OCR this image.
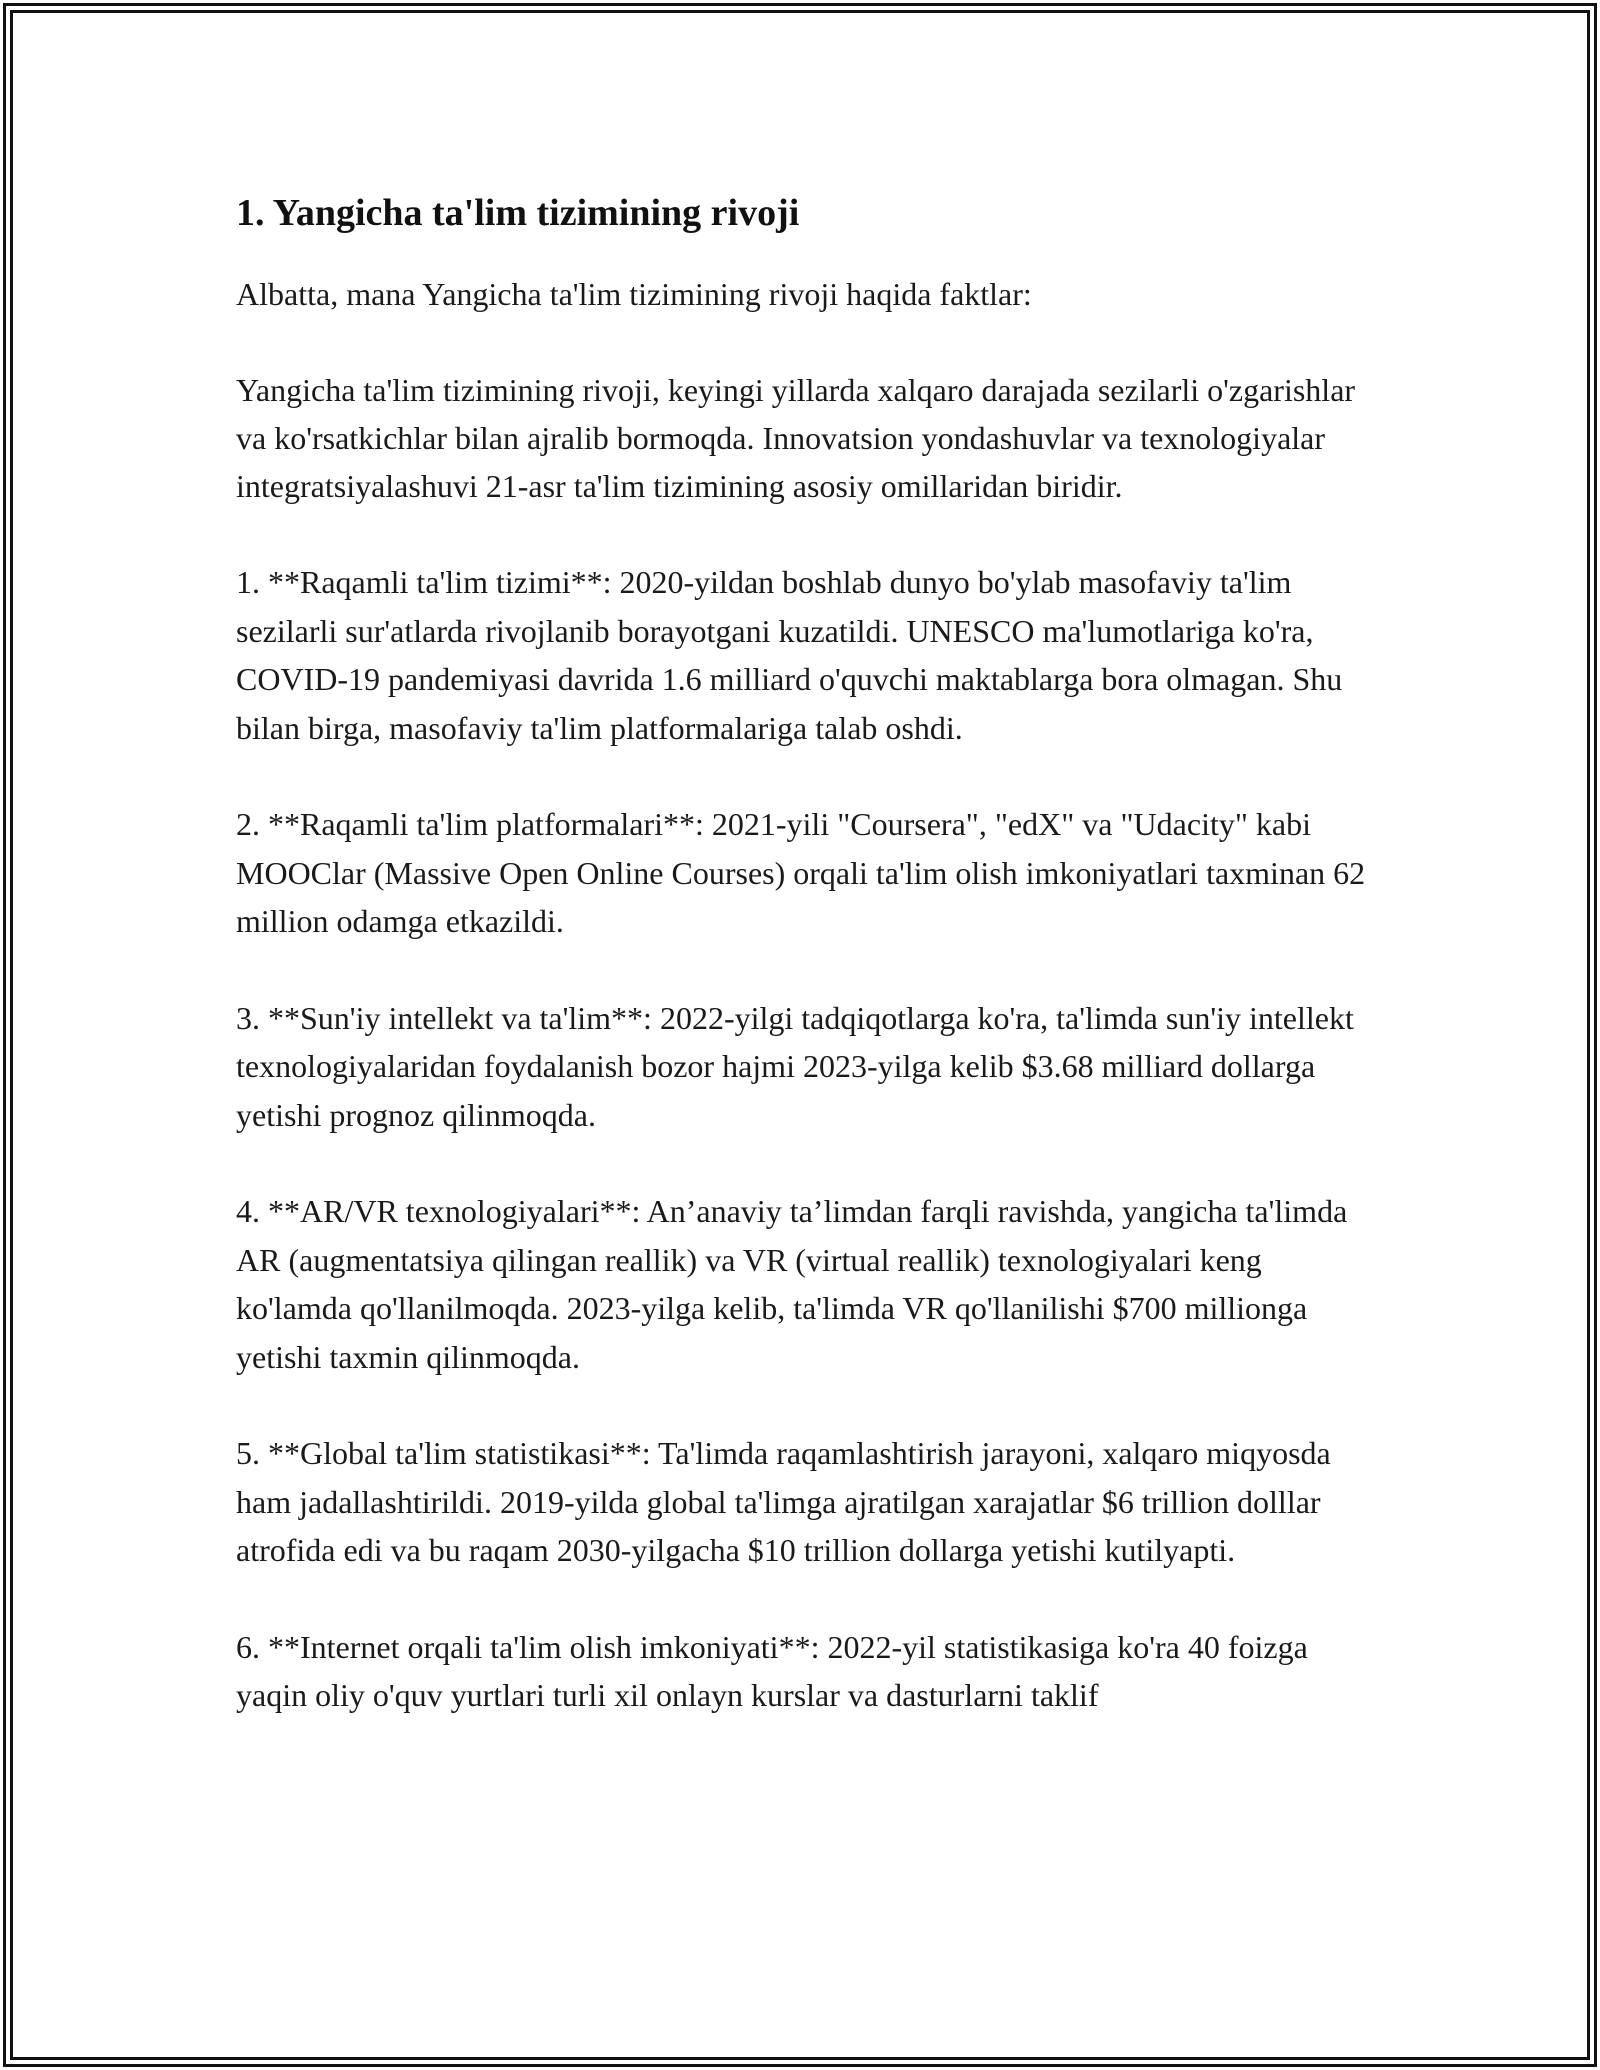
1. Yangicha ta'lim tizimining rivoji

Albatta, mana Yangicha ta'lim tizimining rivoji haqida faktlar:

Yangicha ta'lim tizimining rivoji, keyingi yillarda xalqaro darajada sezilarli o'zgarishlar va ko'rsatkichlar bilan ajralib bormoqda. Innovatsion yondashuvlar va texnologiyalar integratsiyalashuvi 21-asr ta'lim tizimining asosiy omillaridan biridir.

1. **Raqamli ta'lim tizimi**: 2020-yildan boshlab dunyo bo'ylab masofaviy ta'lim sezilarli sur'atlarda rivojlanib borayotgani kuzatildi. UNESCO ma'lumotlariga ko'ra, COVID-19 pandemiyasi davrida 1.6 milliard o'quvchi maktablarga bora olmagan. Shu bilan birga, masofaviy ta'lim platformalariga talab oshdi.

2. **Raqamli ta'lim platformalari**: 2021-yili "Coursera", "edX" va "Udacity" kabi MOOClar (Massive Open Online Courses) orqali ta'lim olish imkoniyatlari taxminan 62 million odamga etkazildi.

3. **Sun'iy intellekt va ta'lim**: 2022-yilgi tadqiqotlarga ko'ra, ta'limda sun'iy intellekt texnologiyalaridan foydalanish bozor hajmi 2023-yilga kelib $3.68 milliard dollarga yetishi prognoz qilinmoqda.

4. **AR/VR texnologiyalari**: An’anaviy ta’limdan farqli ravishda, yangicha ta'limda AR (augmentatsiya qilingan reallik) va VR (virtual reallik) texnologiyalari keng ko'lamda qo'llanilmoqda. 2023-yilga kelib, ta'limda VR qo'llanilishi $700 millionga yetishi taxmin qilinmoqda.

5. **Global ta'lim statistikasi**: Ta'limda raqamlashtirish jarayoni, xalqaro miqyosda ham jadallashtirildi. 2019-yilda global ta'limga ajratilgan xarajatlar $6 trillion dolllar atrofida edi va bu raqam 2030-yilgacha $10 trillion dollarga yetishi kutilyapti.

6. **Internet orqali ta'lim olish imkoniyati**: 2022-yil statistikasiga ko'ra 40 foizga yaqin oliy o'quv yurtlari turli xil onlayn kurslar va dasturlarni taklif
